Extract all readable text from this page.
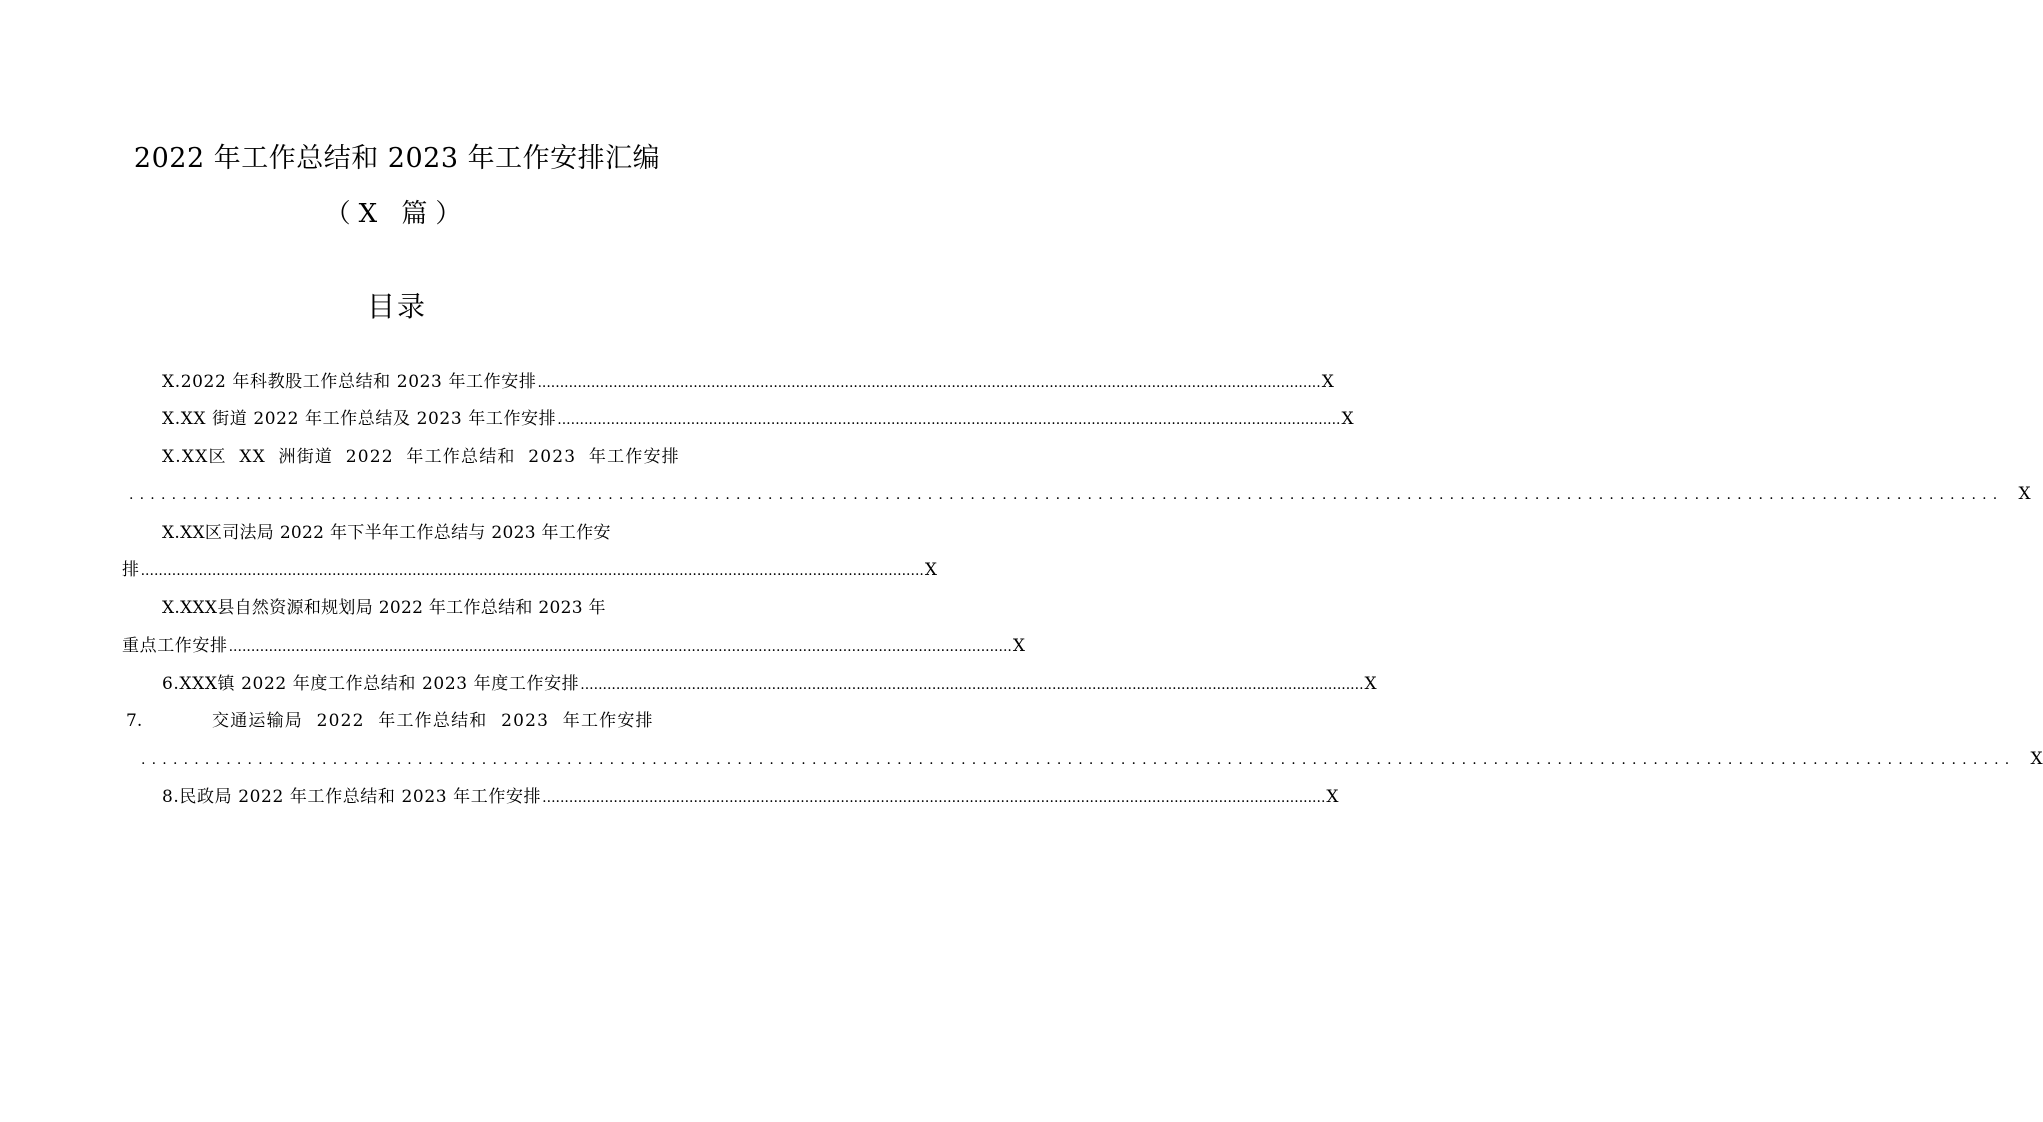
2022 年工作总结和 2023 年工作安排汇编
（X 篇）
目录
X.2022 年科教股工作总结和 2023 年工作安排 ................................................................................................................................................................................ X
X.XX 街道 2022 年工作总结及 2023 年工作安排 ................................................................................................................................................................................ X
X.XX区 XX 洲街道 2022 年工作总结和 2023 年工作安排
................................................................................................................................................................................ X
X.XX区司法局 2022 年下半年工作总结与 2023 年工作安
排 ................................................................................................................................................................................ X
X.XXX县自然资源和规划局 2022 年工作总结和 2023 年
重点工作安排 ................................................................................................................................................................................ X
6.XXX镇 2022 年度工作总结和 2023 年度工作安排 ................................................................................................................................................................................ X
7.	交通运输局 2022 年工作总结和 2023 年工作安排
................................................................................................................................................................................ X
8.民政局 2022 年工作总结和 2023 年工作安排 ................................................................................................................................................................................ X
